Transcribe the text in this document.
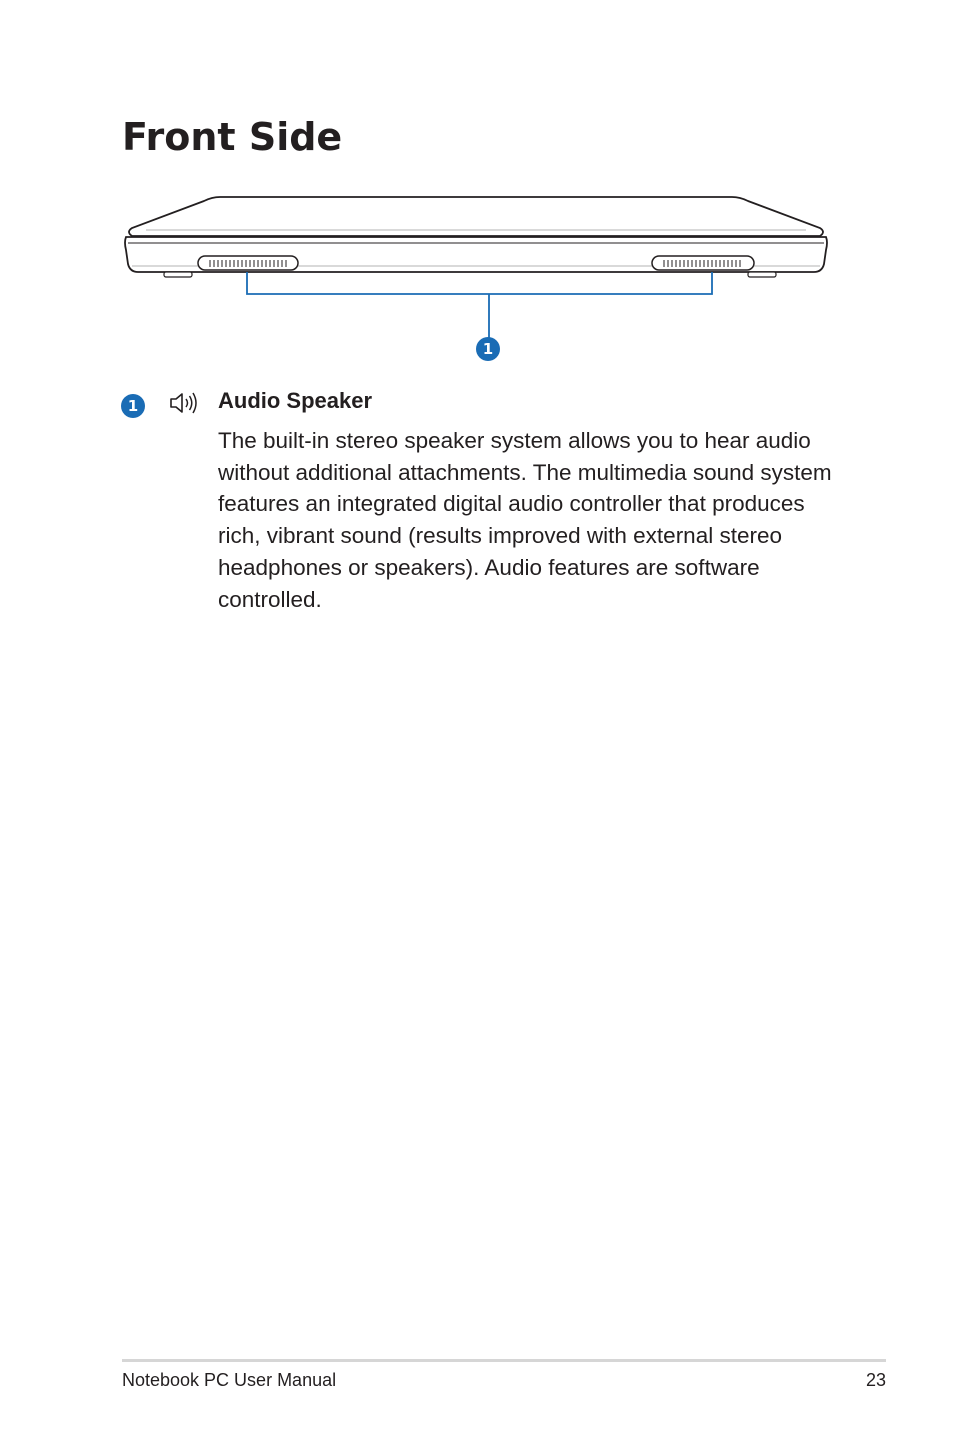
Front Side
1
1	Audio Speaker

The built-in stereo speaker system allows you to hear audio without additional attachments. The multimedia sound system features an integrated digital audio controller that produces rich, vibrant sound (results improved with external stereo headphones or speakers). Audio features are software controlled.

Notebook PC User Manual	23
